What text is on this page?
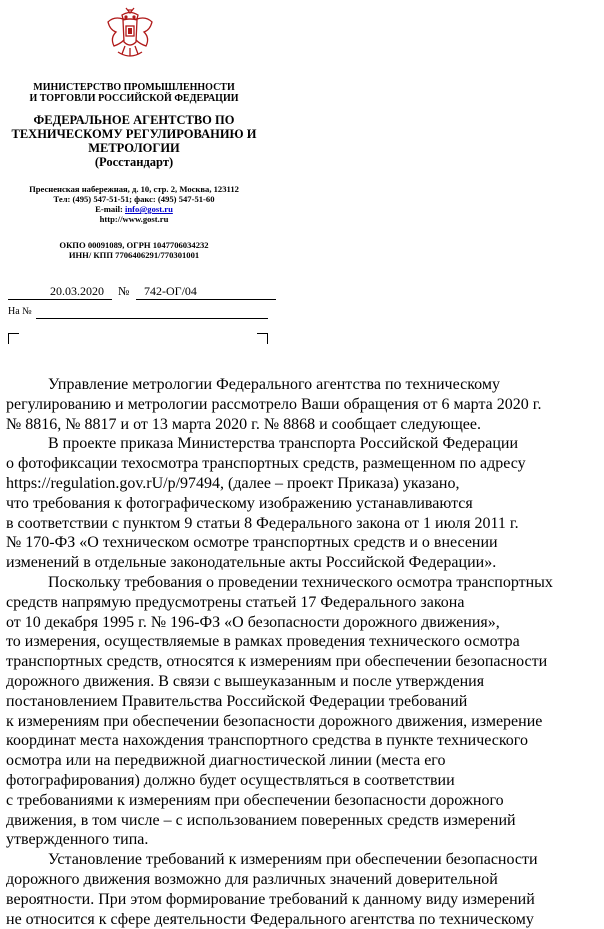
МИНИСТЕРСТВО ПРОМЫШЛЕННОСТИ
И ТОРГОВЛИ РОССИЙСКОЙ ФЕДЕРАЦИИ
ФЕДЕРАЛЬНОЕ АГЕНТСТВО ПО
ТЕХНИЧЕСКОМУ РЕГУЛИРОВАНИЮ И
МЕТРОЛОГИИ
(Росстандарт)
Пресненская набережная, д. 10, стр. 2, Москва, 123112
Тел: (495) 547-51-51; факс: (495) 547-51-60
E-mail: info@gost.ru
http://www.gost.ru
ОКПО 00091089, ОГРН 1047706034232
ИНН/ КПП 7706406291/770301001
20.03.2020	№	742-ОГ/04
На №

Управление метрологии Федерального агентства по техническому
регулированию и метрологии рассмотрело Ваши обращения от 6 марта 2020 г.
№ 8816, № 8817 и от 13 марта 2020 г. № 8868 и сообщает следующее.

В проекте приказа Министерства транспорта Российской Федерации
о фотофиксации техосмотра транспортных средств, размещенном по адресу
https://regulation.gov.rU/p/97494, (далее – проект Приказа) указано,
что требования к фотографическому изображению устанавливаются
в соответствии с пунктом 9 статьи 8 Федерального закона от 1 июля 2011 г.
№ 170-ФЗ «О техническом осмотре транспортных средств и о внесении
изменений в отдельные законодательные акты Российской Федерации».

Поскольку требования о проведении технического осмотра транспортных
средств напрямую предусмотрены статьей 17 Федерального закона
от 10 декабря 1995 г. № 196-ФЗ «О безопасности дорожного движения»,
то измерения, осуществляемые в рамках проведения технического осмотра
транспортных средств, относятся к измерениям при обеспечении безопасности
дорожного движения. В связи с вышеуказанным и после утверждения
постановлением Правительства Российской Федерации требований
к измерениям при обеспечении безопасности дорожного движения, измерение
координат места нахождения транспортного средства в пункте технического
осмотра или на передвижной диагностической линии (места его
фотографирования) должно будет осуществляться в соответствии
с требованиями к измерениям при обеспечении безопасности дорожного
движения, в том числе – с использованием поверенных средств измерений
утвержденного типа.

Установление требований к измерениям при обеспечении безопасности
дорожного движения возможно для различных значений доверительной
вероятности. При этом формирование требований к данному виду измерений
не относится к сфере деятельности Федерального агентства по техническому
